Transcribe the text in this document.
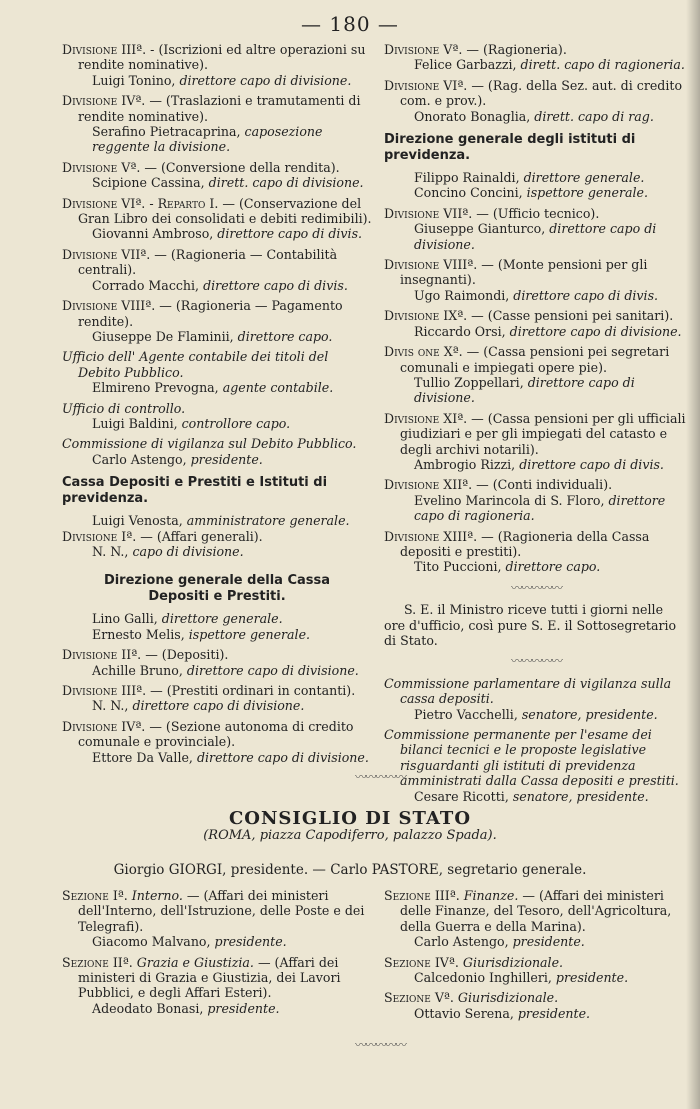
— 180 —
Divisione IIIª. - (Iscrizioni ed altre operazioni su rendite nominative).
Luigi Tonino, direttore capo di divisione.
Divisione IVª. — (Traslazioni e tramutamenti di rendite nominative).
Serafino Pietracaprina, caposezione reggente la divisione.
Divisione Vª. — (Conversione della rendita).
Scipione Cassina, dirett. capo di divisione.
Divisione VIª. - Reparto I. — (Conservazione del Gran Libro dei consolidati e debiti redimibili).
Giovanni Ambroso, direttore capo di divis.
Divisione VIIª. — (Ragioneria — Contabilità centrali).
Corrado Macchi, direttore capo di divis.
Divisione VIIIª. — (Ragioneria — Pagamento rendite).
Giuseppe De Flaminii, direttore capo.
Ufficio dell' Agente contabile dei titoli del Debito Pubblico.
Elmireno Prevogna, agente contabile.
Ufficio di controllo.
Luigi Baldini, controllore capo.
Commissione di vigilanza sul Debito Pubblico.
Carlo Astengo, presidente.
Cassa Depositi e Prestiti e Istituti di previdenza.
Luigi Venosta, amministratore generale.
Divisione Iª. — (Affari generali).
N. N., capo di divisione.
Direzione generale della Cassa Depositi e Prestiti.
Lino Galli, direttore generale.
Ernesto Melis, ispettore generale.
Divisione IIª. — (Depositi).
Achille Bruno, direttore capo di divisione.
Divisione IIIª. — (Prestiti ordinari in contanti).
N. N., direttore capo di divisione.
Divisione IVª. — (Sezione autonoma di credito comunale e provinciale).
Ettore Da Valle, direttore capo di divisione.
Divisione Vª. — (Ragioneria).
Felice Garbazzi, dirett. capo di ragioneria.
Divisione VIª. — (Rag. della Sez. aut. di credito com. e prov.).
Onorato Bonaglia, dirett. capo di rag.
Direzione generale degli istituti di previdenza.
Filippo Rainaldi, direttore generale.
Concino Concini, ispettore generale.
Divisione VIIª. — (Ufficio tecnico).
Giuseppe Gianturco, direttore capo di divisione.
Divisione VIIIª. — (Monte pensioni per gli insegnanti).
Ugo Raimondi, direttore capo di divis.
Divisione IXª. — (Casse pensioni pei sanitari).
Riccardo Orsi, direttore capo di divisione.
Divis one Xª. — (Cassa pensioni pei segretari comunali e impiegati opere pie).
Tullio Zoppellari, direttore capo di divisione.
Divisione XIª. — (Cassa pensioni per gli ufficiali giudiziari e per gli impiegati del catasto e degli archivi notarili).
Ambrogio Rizzi, direttore capo di divis.
Divisione XIIª. — (Conti individuali).
Evelino Marincola di S. Floro, direttore capo di ragioneria.
Divisione XIIIª. — (Ragioneria della Cassa depositi e prestiti).
Tito Puccioni, direttore capo.
〰〰〰〰〰
S. E. il Ministro riceve tutti i giorni nelle ore d'ufficio, così pure S. E. il Sottosegretario di Stato.
〰〰〰〰〰
Commissione parlamentare di vigilanza sulla cassa depositi.
Pietro Vacchelli, senatore, presidente.
Commissione permanente per l'esame dei bilanci tecnici e le proposte legislative risguardanti gli istituti di previdenza amministrati dalla Cassa depositi e prestiti.
Cesare Ricotti, senatore, presidente.
〰〰〰〰〰
CONSIGLIO DI STATO
(ROMA, piazza Capodiferro, palazzo Spada).
Giorgio GIORGI, presidente. — Carlo PASTORE, segretario generale.
Sezione Iª. Interno. — (Affari dei ministeri dell'Interno, dell'Istruzione, delle Poste e dei Telegrafi).
Giacomo Malvano, presidente.
Sezione IIª. Grazia e Giustizia. — (Affari dei ministeri di Grazia e Giustizia, dei Lavori Pubblici, e degli Affari Esteri).
Adeodato Bonasi, presidente.
Sezione IIIª. Finanze. — (Affari dei ministeri delle Finanze, del Tesoro, dell'Agricoltura, della Guerra e della Marina).
Carlo Astengo, presidente.
Sezione IVª. Giurisdizionale.
Calcedonio Inghilleri, presidente.
Sezione Vª. Giurisdizionale.
Ottavio Serena, presidente.
〰〰〰〰〰
